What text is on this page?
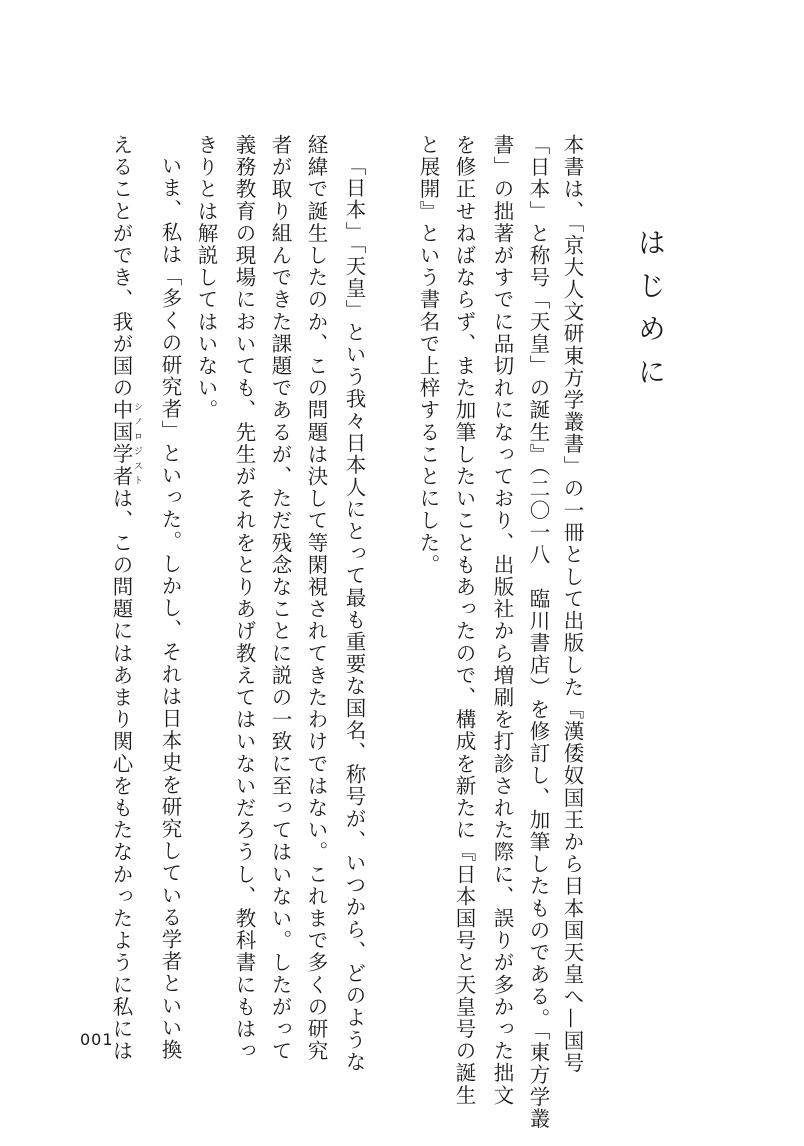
はじめに
本書は、「京大人文研東方学叢書」の一冊として出版した『漢倭奴国王から日本国天皇へ—国号
「日本」と称号「天皇」の誕生』（二〇一八　臨川書店）を修訂し、加筆したものである。「東方学叢
書」の拙著がすでに品切れになっており、出版社から増刷を打診された際に、誤りが多かった拙文
を修正せねばならず、また加筆したいこともあったので、構成を新たに『日本国号と天皇号の誕生
と展開』という書名で上梓することにした。
「日本」「天皇」という我々日本人にとって最も重要な国名、称号が、いつから、どのような
経緯で誕生したのか、この問題は決して等閑視されてきたわけではない。これまで多くの研究
者が取り組んできた課題であるが、ただ残念なことに説の一致に至ってはいない。したがって
義務教育の現場においても、先生がそれをとりあげ教えてはいないだろうし、教科書にもはっ
きりとは解説してはいない。
いま、私は「多くの研究者」といった。しかし、それは日本史を研究している学者といい換
えることができ、我が国の中国学者 シノロジストは、この問題にはあまり関心をもたなかったように私には
001
